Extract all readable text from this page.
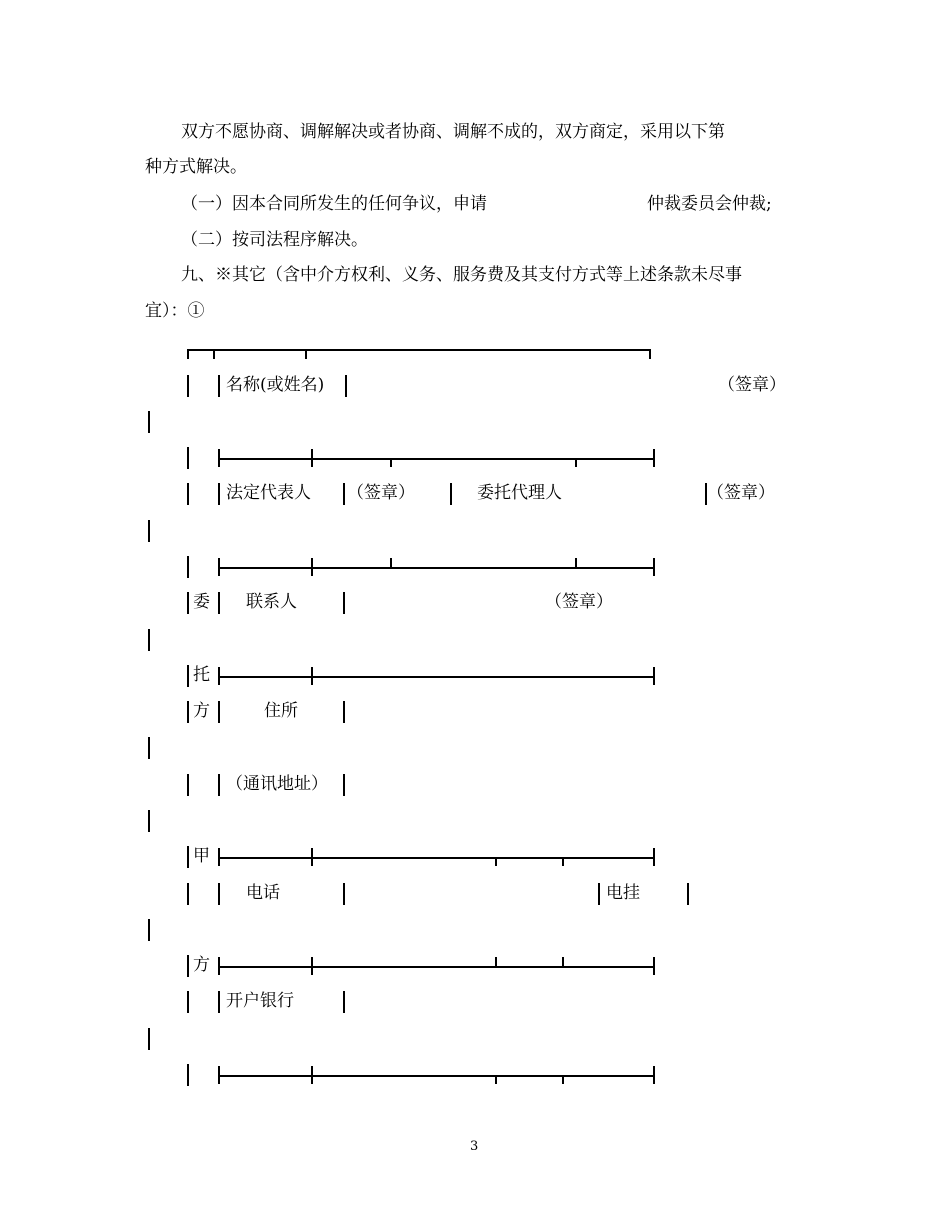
双方不愿协商、调解解决或者协商、调解不成的，双方商定，采用以下第
种方式解决。
（一）因本合同所发生的任何争议，申请	仲裁委员会仲裁;
（二）按司法程序解决。
九、※其它（含中介方权利、义务、服务费及其支付方式等上述条款未尽事
宜）：①
名称(或姓名)	（签章）
法定代表人 （签章）	委托代理人	（签章）
委 联系人	（签章）
托
方	住所
（通讯地址）
甲
电话	电挂
方
开户银行
3
